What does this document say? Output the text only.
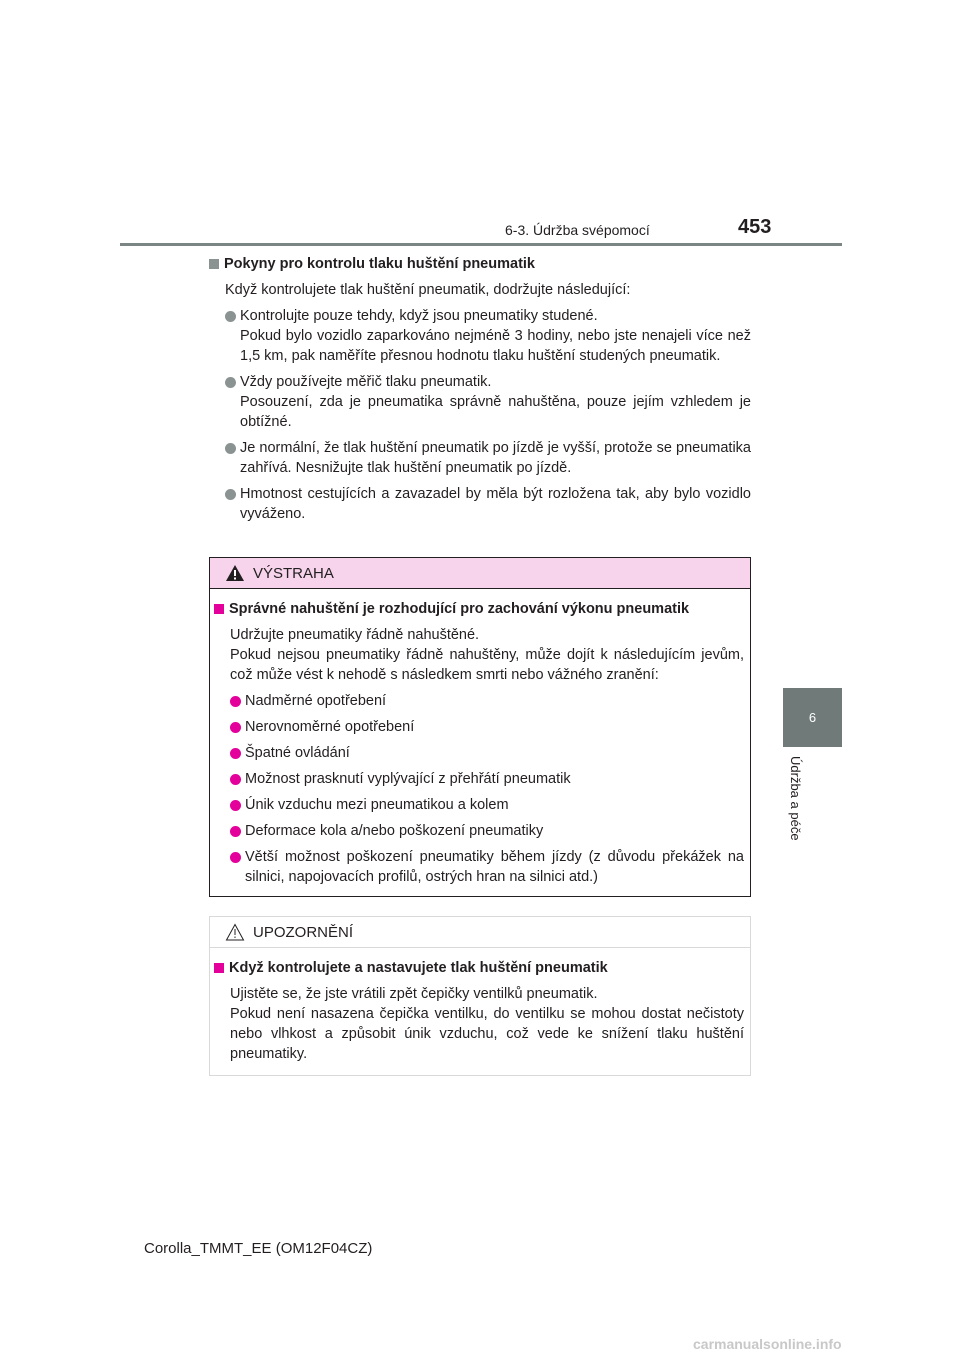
6-3. Údržba svépomocí	453
6
Údržba a péče
Pokyny pro kontrolu tlaku huštění pneumatik
Když kontrolujete tlak huštění pneumatik, dodržujte následující:
Kontrolujte pouze tehdy, když jsou pneumatiky studené.
Pokud bylo vozidlo zaparkováno nejméně 3 hodiny, nebo jste nenajeli více než 1,5 km, pak naměříte přesnou hodnotu tlaku huštění studených pneumatik.
Vždy používejte měřič tlaku pneumatik.
Posouzení, zda je pneumatika správně nahuštěna, pouze jejím vzhledem je obtížné.
Je normální, že tlak huštění pneumatik po jízdě je vyšší, protože se pneumatika zahřívá. Nesnižujte tlak huštění pneumatik po jízdě.
Hmotnost cestujících a zavazadel by měla být rozložena tak, aby bylo vozidlo vyváženo.
VÝSTRAHA
Správné nahuštění je rozhodující pro zachování výkonu pneumatik
Udržujte pneumatiky řádně nahuštěné.
Pokud nejsou pneumatiky řádně nahuštěny, může dojít k následujícím jevům, což může vést k nehodě s následkem smrti nebo vážného zranění:
Nadměrné opotřebení
Nerovnoměrné opotřebení
Špatné ovládání
Možnost prasknutí vyplývající z přehřátí pneumatik
Únik vzduchu mezi pneumatikou a kolem
Deformace kola a/nebo poškození pneumatiky
Větší možnost poškození pneumatiky během jízdy (z důvodu překážek na silnici, napojovacích profilů, ostrých hran na silnici atd.)
UPOZORNĚNÍ
Když kontrolujete a nastavujete tlak huštění pneumatik
Ujistěte se, že jste vrátili zpět čepičky ventilků pneumatik.
Pokud není nasazena čepička ventilku, do ventilku se mohou dostat nečistoty nebo vlhkost a způsobit únik vzduchu, což vede ke snížení tlaku huštění pneumatiky.
Corolla_TMMT_EE (OM12F04CZ)
carmanualsonline.info
